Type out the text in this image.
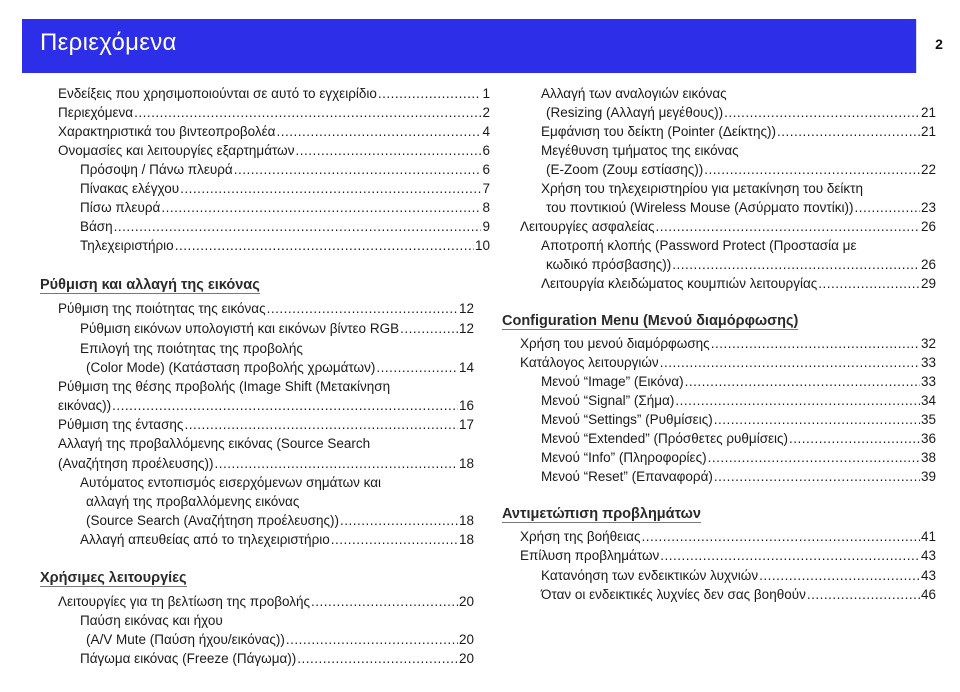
Περιεχόμενα	2
Ενδείξεις που χρησιμοποιούνται σε αυτό το εγχειρίδιο .....	1
Περιεχόμενα .....	2
Χαρακτηριστικά του βιντεοπροβολέα .....	4
Ονομασίες και λειτουργίες εξαρτημάτων .....	6
Πρόσοψη / Πάνω πλευρά .....	6
Πίνακας ελέγχου .....	7
Πίσω πλευρά .....	8
Βάση .....	9
Τηλεχειριστήριο .....	10
Ρύθμιση και αλλαγή της εικόνας
Ρύθμιση της ποιότητας της εικόνας .....	12
Ρύθμιση εικόνων υπολογιστή και εικόνων βίντεο RGB .....	12
Επιλογή της ποιότητας της προβολής
(Color Mode) (Κατάσταση προβολής χρωμάτων) .....	14
Ρύθμιση της θέσης προβολής (Image Shift (Μετακίνηση
εικόνας)) .....	16
Ρύθμιση της έντασης .....	17
Αλλαγή της προβαλλόμενης εικόνας (Source Search
(Αναζήτηση προέλευσης)) .....	18
Αυτόματος εντοπισμός εισερχόμενων σημάτων και
αλλαγή της προβαλλόμενης εικόνας
(Source Search (Αναζήτηση προέλευσης)) .....	18
Αλλαγή απευθείας από το τηλεχειριστήριο .....	18
Χρήσιμες λειτουργίες
Λειτουργίες για τη βελτίωση της προβολής .....	20
Παύση εικόνας και ήχου
(A/V Mute (Παύση ήχου/εικόνας)) .....	20
Πάγωμα εικόνας (Freeze (Πάγωμα)) .....	20
Αλλαγή των αναλογιών εικόνας
(Resizing (Αλλαγή μεγέθους)) .....	21
Εμφάνιση του δείκτη (Pointer (Δείκτης)) .....	21
Μεγέθυνση τμήματος της εικόνας
(E-Zoom (Ζουμ εστίασης)) .....	22
Χρήση του τηλεχειριστηρίου για μετακίνηση του δείκτη
του ποντικιού (Wireless Mouse (Ασύρματο ποντίκι)) .....	23
Λειτουργίες ασφαλείας .....	26
Αποτροπή κλοπής (Password Protect (Προστασία με
κωδικό πρόσβασης)) .....	26
Λειτουργία κλειδώματος κουμπιών λειτουργίας .....	29
Configuration Menu (Μενού διαμόρφωσης)
Χρήση του μενού διαμόρφωσης .....	32
Κατάλογος λειτουργιών .....	33
Μενού “Image” (Εικόνα) .....	33
Μενού “Signal” (Σήμα) .....	34
Μενού “Settings” (Ρυθμίσεις) .....	35
Μενού “Extended” (Πρόσθετες ρυθμίσεις) .....	36
Μενού “Info” (Πληροφορίες) .....	38
Μενού “Reset” (Επαναφορά) .....	39
Αντιμετώπιση προβλημάτων
Χρήση της βοήθειας .....	41
Επίλυση προβλημάτων .....	43
Κατανόηση των ενδεικτικών λυχνιών .....	43
Όταν οι ενδεικτικές λυχνίες δεν σας βοηθούν .....	46
